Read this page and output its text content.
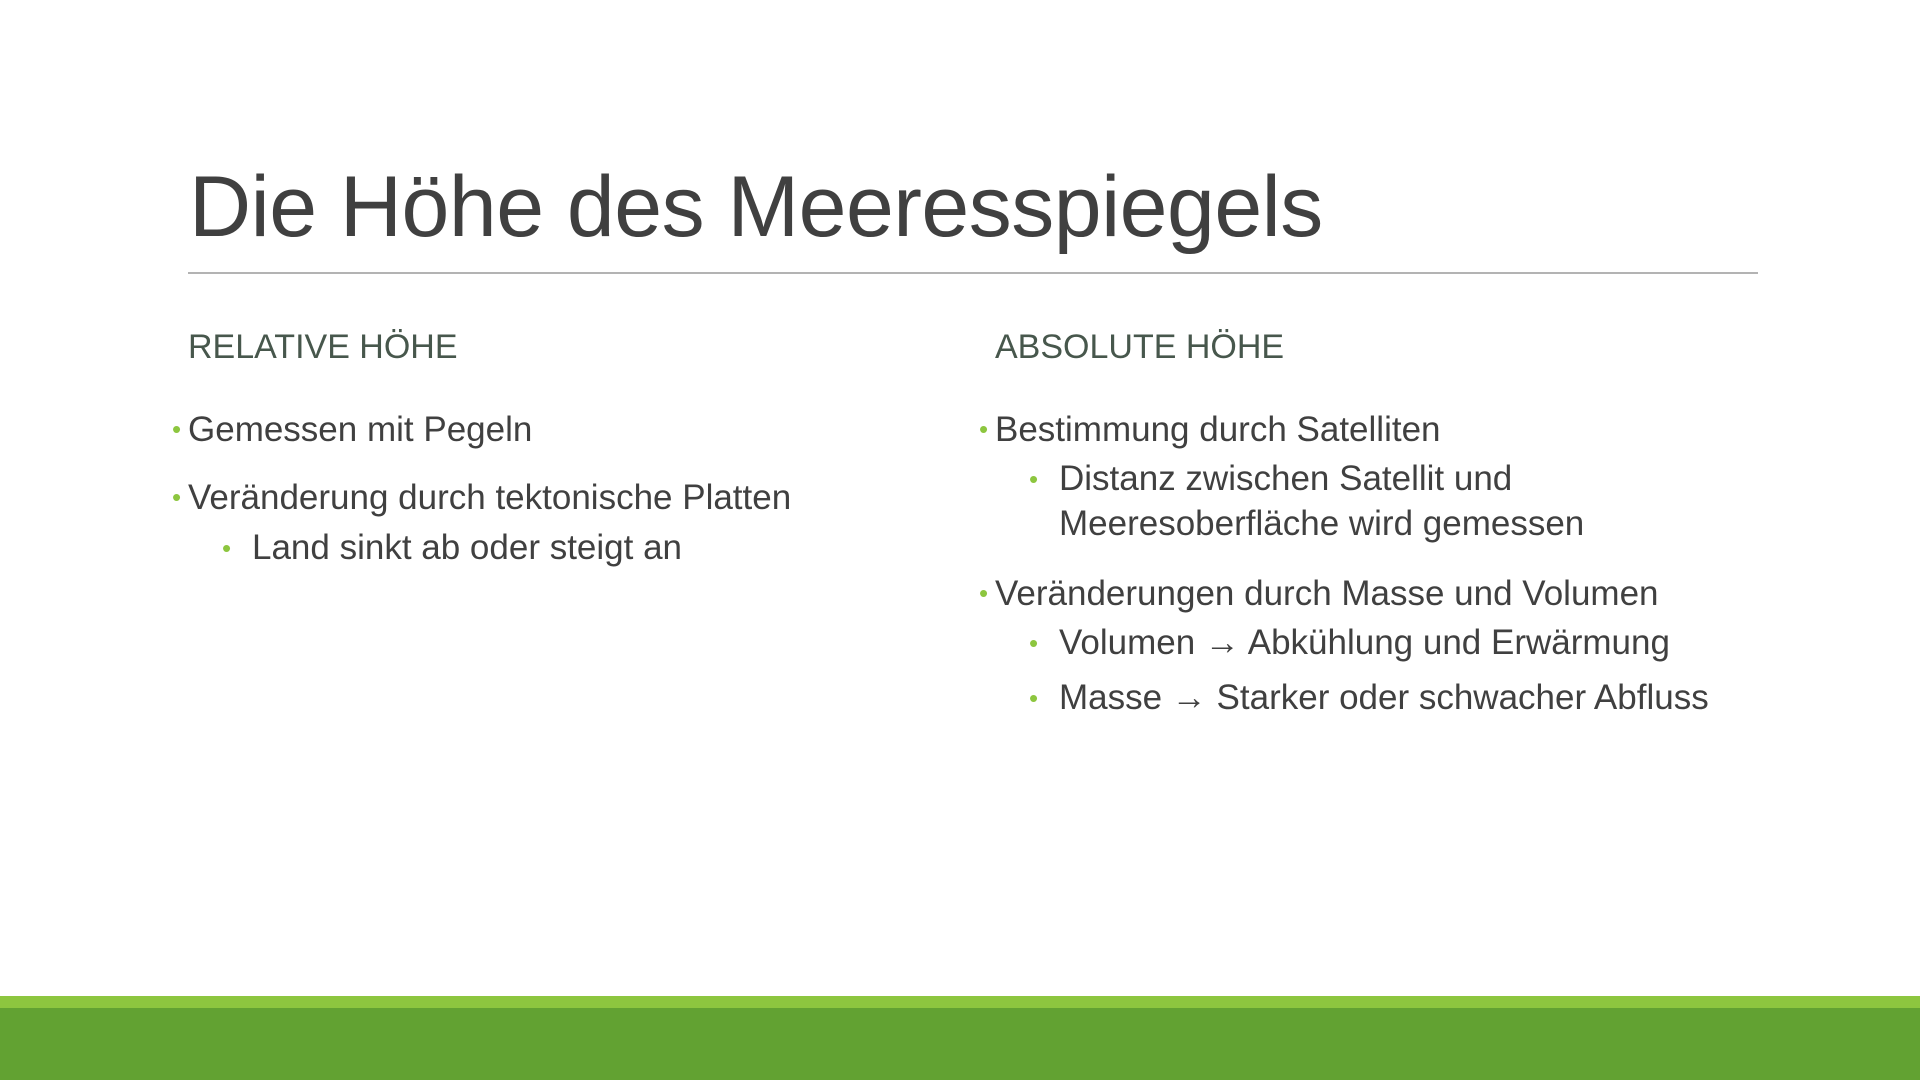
Die Höhe des Meeresspiegels
RELATIVE HÖHE
• Gemessen mit Pegeln
• Veränderung durch tektonische Platten
• Land sinkt ab oder steigt an
ABSOLUTE HÖHE
• Bestimmung durch Satelliten
• Distanz zwischen Satellit und Meeresoberfläche wird gemessen
• Veränderungen durch Masse und Volumen
• Volumen → Abkühlung und Erwärmung
• Masse → Starker oder schwacher Abfluss
